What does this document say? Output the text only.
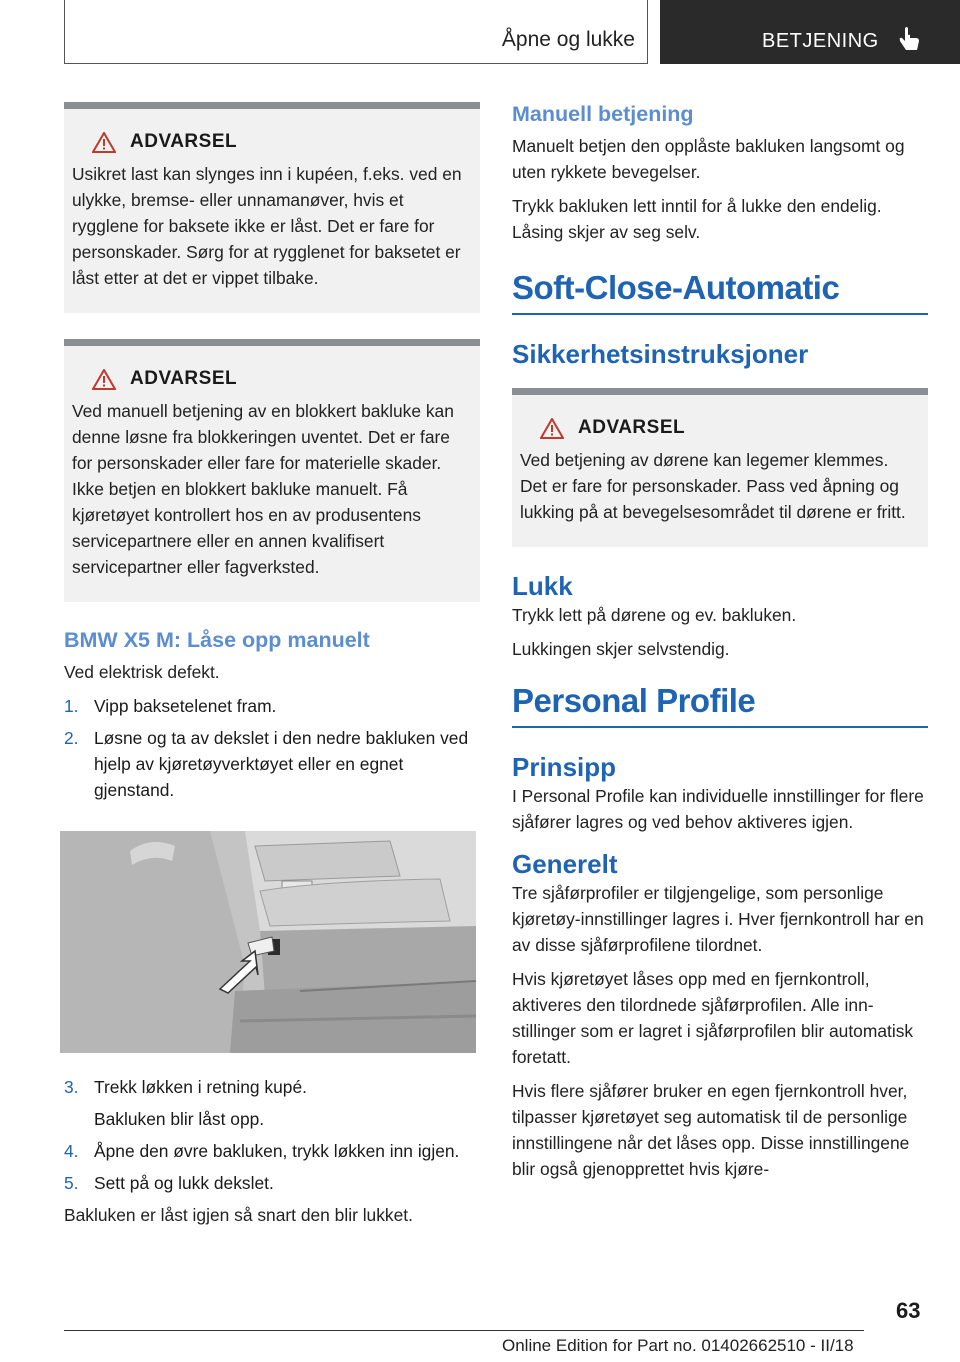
Åpne og lukke	BETJENING
ADVARSEL

Usikret last kan slynges inn i kupéen, f.eks. ved en ulykke, bremse- eller unnamanøver, hvis et rygglene for baksete ikke er låst. Det er fare for personskader. Sørg for at rygglenet for baksetet er låst etter at det er vippet tilbake.

ADVARSEL

Ved manuell betjening av en blokkert bakluke kan denne løsne fra blokkeringen uventet. Det er fare for personskader eller fare for materielle skader. Ikke betjen en blokkert bakluke manuelt. Få kjøretøyet kontrollert hos en av produsentens servicepartnere eller en annen kvalifisert servicepartner eller fagverksted.

BMW X5 M: Låse opp manuelt

Ved elektrisk defekt.

1. Vipp baksetelenet fram.
2. Løsne og ta av dekslet i den nedre bakluken ved hjelp av kjøretøyverktøyet eller en egnet gjenstand.
3. Trekk løkken i retning kupé.
Bakluken blir låst opp.
4. Åpne den øvre bakluken, trykk løkken inn igjen.
5. Sett på og lukk dekslet.

Bakluken er låst igjen så snart den blir lukket.

Manuell betjening

Manuelt betjen den opplåste bakluken langsomt og uten rykkete bevegelser.

Trykk bakluken lett inntil for å lukke den endelig. Låsing skjer av seg selv.

Soft-Close-Automatic
Sikkerhetsinstruksjoner
ADVARSEL

Ved betjening av dørene kan legemer klemmes. Det er fare for personskader. Pass ved åpning og lukking på at bevegelsesområdet til dørene er fritt.

Lukk

Trykk lett på dørene og ev. bakluken.

Lukkingen skjer selvstendig.

Personal Profile
Prinsipp

I Personal Profile kan individuelle innstillinger for flere sjåfører lagres og ved behov aktiveres igjen.

Generelt

Tre sjåførprofiler er tilgjengelige, som personlige kjøretøy-innstillinger lagres i. Hver fjernkontroll har en av disse sjåførprofilene tilordnet.

Hvis kjøretøyet låses opp med en fjernkontroll, aktiveres den tilordnede sjåførprofilen. Alle innstillinger som er lagret i sjåførprofilen blir automatisk foretatt.

Hvis flere sjåfører bruker en egen fjernkontroll hver, tilpasser kjøretøyet seg automatisk til de personlige innstillingene når det låses opp. Disse innstillingene blir også gjenopprettet hvis kjøre-

63
Online Edition for Part no. 01402662510 - II/18
